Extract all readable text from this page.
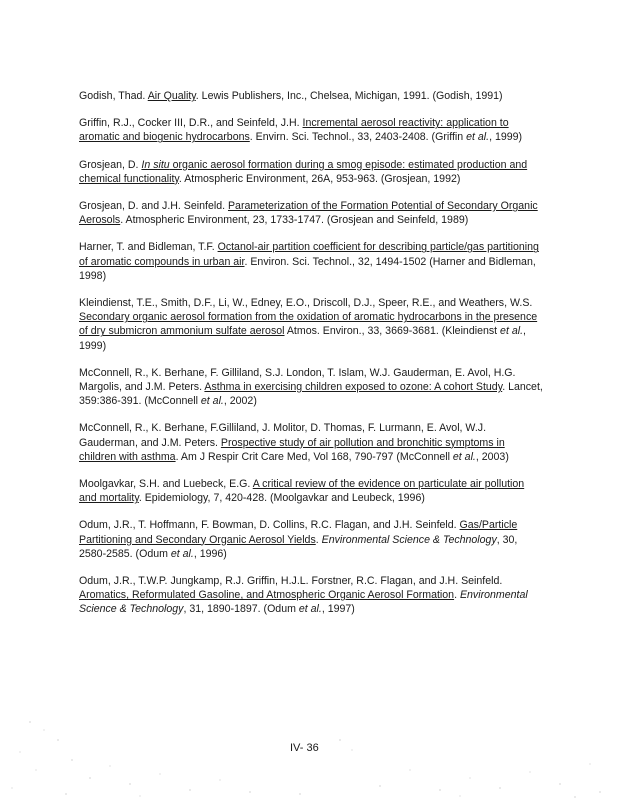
Godish, Thad. Air Quality. Lewis Publishers, Inc., Chelsea, Michigan, 1991. (Godish, 1991)

Griffin, R.J., Cocker III, D.R., and Seinfeld, J.H. Incremental aerosol reactivity: application to aromatic and biogenic hydrocarbons. Envirn. Sci. Technol., 33, 2403-2408. (Griffin et al., 1999)

Grosjean, D. In situ organic aerosol formation during a smog episode: estimated production and chemical functionality. Atmospheric Environment, 26A, 953-963. (Grosjean, 1992)

Grosjean, D. and J.H. Seinfeld. Parameterization of the Formation Potential of Secondary Organic Aerosols. Atmospheric Environment, 23, 1733-1747. (Grosjean and Seinfeld, 1989)

Harner, T. and Bidleman, T.F. Octanol-air partition coefficient for describing particle/gas partitioning of aromatic compounds in urban air. Environ. Sci. Technol., 32, 1494-1502 (Harner and Bidleman, 1998)

Kleindienst, T.E., Smith, D.F., Li, W., Edney, E.O., Driscoll, D.J., Speer, R.E., and Weathers, W.S. Secondary organic aerosol formation from the oxidation of aromatic hydrocarbons in the presence of dry submicron ammonium sulfate aerosol Atmos. Environ., 33, 3669-3681. (Kleindienst et al., 1999)

McConnell, R., K. Berhane, F. Gilliland, S.J. London, T. Islam, W.J. Gauderman, E. Avol, H.G. Margolis, and J.M. Peters. Asthma in exercising children exposed to ozone: A cohort Study. Lancet, 359:386-391. (McConnell et al., 2002)

McConnell, R., K. Berhane, F.Gilliland, J. Molitor, D. Thomas, F. Lurmann, E. Avol, W.J. Gauderman, and J.M. Peters. Prospective study of air pollution and bronchitic symptoms in children with asthma. Am J Respir Crit Care Med, Vol 168, 790-797 (McConnell et al., 2003)

Moolgavkar, S.H. and Luebeck, E.G. A critical review of the evidence on particulate air pollution and mortality. Epidemiology, 7, 420-428. (Moolgavkar and Leubeck, 1996)

Odum, J.R., T. Hoffmann, F. Bowman, D. Collins, R.C. Flagan, and J.H. Seinfeld. Gas/Particle Partitioning and Secondary Organic Aerosol Yields. Environmental Science & Technology, 30, 2580-2585. (Odum et al., 1996)

Odum, J.R., T.W.P. Jungkamp, R.J. Griffin, H.J.L. Forstner, R.C. Flagan, and J.H. Seinfeld. Aromatics, Reformulated Gasoline, and Atmospheric Organic Aerosol Formation. Environmental Science & Technology, 31, 1890-1897. (Odum et al., 1997)

IV- 36
